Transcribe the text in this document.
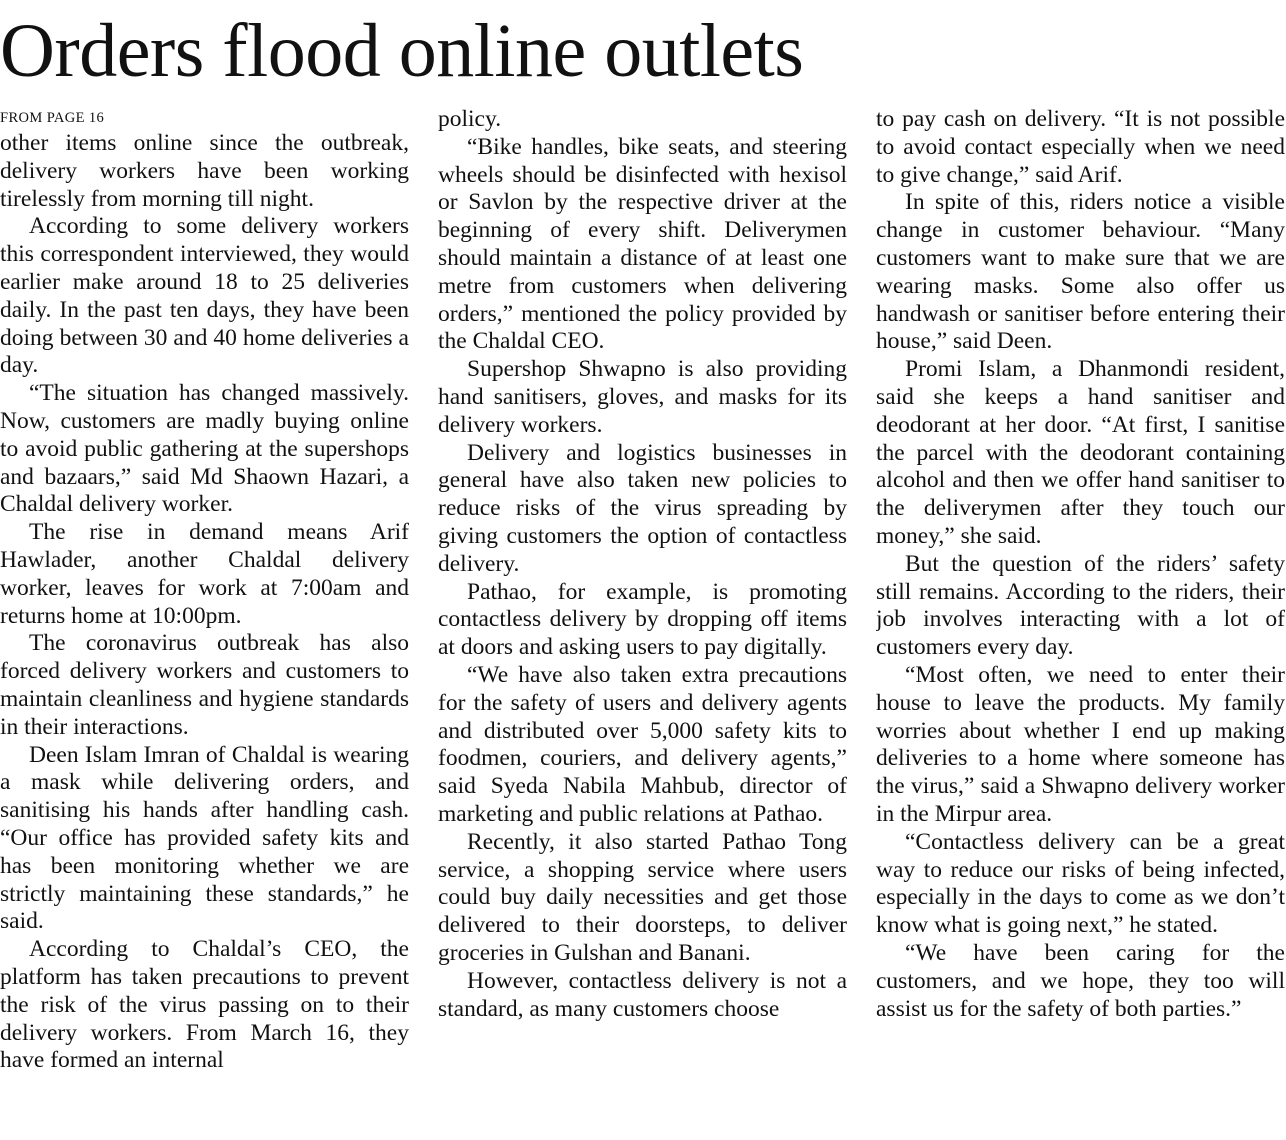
Orders flood online outlets
FROM PAGE 16

other items online since the outbreak, delivery workers have been working tirelessly from morning till night.

According to some delivery workers this correspondent interviewed, they would earlier make around 18 to 25 deliveries daily. In the past ten days, they have been doing between 30 and 40 home deliveries a day.

“The situation has changed massively. Now, customers are madly buying online to avoid public gathering at the supershops and bazaars,” said Md Shaown Hazari, a Chaldal delivery worker.

The rise in demand means Arif Hawlader, another Chaldal delivery worker, leaves for work at 7:00am and returns home at 10:00pm.

The coronavirus outbreak has also forced delivery workers and customers to maintain cleanliness and hygiene standards in their interactions.

Deen Islam Imran of Chaldal is wearing a mask while delivering orders, and sanitising his hands after handling cash. “Our office has provided safety kits and has been monitoring whether we are strictly maintaining these standards,” he said.

According to Chaldal’s CEO, the platform has taken precautions to prevent the risk of the virus passing on to their delivery workers. From March 16, they have formed an internal

policy.

“Bike handles, bike seats, and steering wheels should be disinfected with hexisol or Savlon by the respective driver at the beginning of every shift. Deliverymen should maintain a distance of at least one metre from customers when delivering orders,” mentioned the policy provided by the Chaldal CEO.

Supershop Shwapno is also providing hand sanitisers, gloves, and masks for its delivery workers.

Delivery and logistics businesses in general have also taken new policies to reduce risks of the virus spreading by giving customers the option of contactless delivery.

Pathao, for example, is promoting contactless delivery by dropping off items at doors and asking users to pay digitally.

“We have also taken extra precautions for the safety of users and delivery agents and distributed over 5,000 safety kits to foodmen, couriers, and delivery agents,” said Syeda Nabila Mahbub, director of marketing and public relations at Pathao.

Recently, it also started Pathao Tong service, a shopping service where users could buy daily necessities and get those delivered to their doorsteps, to deliver groceries in Gulshan and Banani.

However, contactless delivery is not a standard, as many customers choose

to pay cash on delivery. “It is not possible to avoid contact especially when we need to give change,” said Arif.

In spite of this, riders notice a visible change in customer behaviour. “Many customers want to make sure that we are wearing masks. Some also offer us handwash or sanitiser before entering their house,” said Deen.

Promi Islam, a Dhanmondi resident, said she keeps a hand sanitiser and deodorant at her door. “At first, I sanitise the parcel with the deodorant containing alcohol and then we offer hand sanitiser to the deliverymen after they touch our money,” she said.

But the question of the riders’ safety still remains. According to the riders, their job involves interacting with a lot of customers every day.

“Most often, we need to enter their house to leave the products. My family worries about whether I end up making deliveries to a home where someone has the virus,” said a Shwapno delivery worker in the Mirpur area.

“Contactless delivery can be a great way to reduce our risks of being infected, especially in the days to come as we don’t know what is going next,” he stated.

“We have been caring for the customers, and we hope, they too will assist us for the safety of both parties.”
